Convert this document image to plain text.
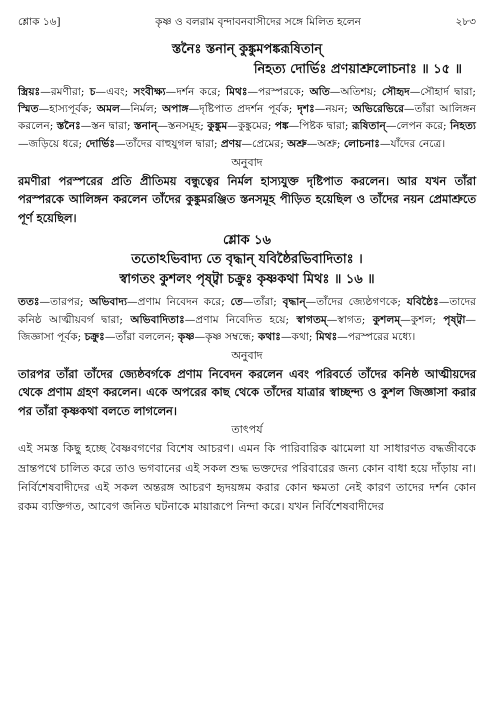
শ্লোক ১৬]	কৃষ্ণ ও বলরাম বৃন্দাবনবাসীদের সঙ্গে মিলিত হলেন	২৮৩
স্তনৈঃ স্তনান্‌ কুঙ্কুমপঙ্করূষিতান্‌
নিহত্য দোর্ভিঃ প্রণয়াশ্রুলোচনাঃ ॥ ১৫ ॥
স্ত্রিয়ঃ—রমণীরা; চ—এবং; সংবীক্ষ্য—দর্শন করে; মিথঃ—পরস্পরকে; অতি—অতিশয়; সৌহৃদ—সৌহার্দ দ্বারা; স্মিত—হাস্যপূর্বক; অমল—নির্মল; অপাঙ্গ—দৃষ্টিপাত প্রদর্শন পূর্বক; দৃশঃ—নয়ন; অভিরেভিরে—তাঁরা আলিঙ্গন করলেন; স্তনৈঃ—স্তন দ্বারা; স্তনান্‌—স্তনসমূহ; কুঙ্কুম—কুঙ্কুমের; পঙ্ক—পিষ্টক দ্বারা; রূষিতান্‌—লেপন করে; নিহত্য—জড়িয়ে ধরে; দোর্ভিঃ—তাঁদের বাহুযুগল দ্বারা; প্রণয়—প্রেমের; অশ্রু—অশ্রু; লোচনাঃ—যাঁদের নেত্রে।
অনুবাদ
রমণীরা পরস্পরের প্রতি প্রীতিময় বন্ধুত্বের নির্মল হাস্যযুক্ত দৃষ্টিপাত করলেন। আর যখন তাঁরা পরস্পরকে আলিঙ্গন করলেন তাঁদের কুঙ্কুমরঞ্জিত স্তনসমূহ পীড়িত হয়েছিল ও তাঁদের নয়ন প্রেমাশ্রুতে পূর্ণ হয়েছিল।
শ্লোক ১৬
ততোঽভিবাদ্য তে বৃদ্ধান্‌ যবিষ্ঠৈরভিবাদিতাঃ ।
স্বাগতং কুশলং পৃষ্ট্বা চক্রুঃ কৃষ্ণকথা মিথঃ ॥ ১৬ ॥
ততঃ—তারপর; অভিবাদ্য—প্রণাম নিবেদন করে; তে—তাঁরা; বৃদ্ধান্‌—তাঁদের জ্যেষ্ঠগণকে; যবিষ্ঠৈঃ—তাদের কনিষ্ঠ আত্মীয়বর্গ দ্বারা; অভিবাদিতাঃ—প্রণাম নিবেদিত হয়ে; স্বাগতম্‌—স্বাগত; কুশলম্‌—কুশল; পৃষ্ট্বা—জিজ্ঞাসা পূর্বক; চক্রুঃ—তাঁরা বললেন; কৃষ্ণ—কৃষ্ণ সম্বন্ধে; কথাঃ—কথা; মিথঃ—পরস্পরের মধ্যে।
অনুবাদ
তারপর তাঁরা তাঁদের জ্যেষ্ঠবর্গকে প্রণাম নিবেদন করলেন এবং পরিবর্তে তাঁদের কনিষ্ঠ আত্মীয়দের থেকে প্রণাম গ্রহণ করলেন। একে অপরের কাছ থেকে তাঁদের যাত্রার স্বাচ্ছন্দ্য ও কুশল জিজ্ঞাসা করার পর তাঁরা কৃষ্ণকথা বলতে লাগলেন।
তাৎপর্য
এই সমস্ত কিছু হচ্ছে বৈষ্ণবগণের বিশেষ আচরণ। এমন কি পারিবারিক ঝামেলা যা সাধারণত বদ্ধজীবকে ভ্রান্তপথে চালিত করে তাও ভগবানের এই সকল শুদ্ধ ভক্তদের পরিবারের জন্য কোন বাধা হয়ে দাঁড়ায় না। নির্বিশেষবাদীদের এই সকল অন্তরঙ্গ আচরণ হৃদয়ঙ্গম করার কোন ক্ষমতা নেই কারণ তাদের দর্শন কোন রকম ব্যক্তিগত, আবেগ জনিত ঘটনাকে মায়ারূপে নিন্দা করে। যখন নির্বিশেষবাদীদের
